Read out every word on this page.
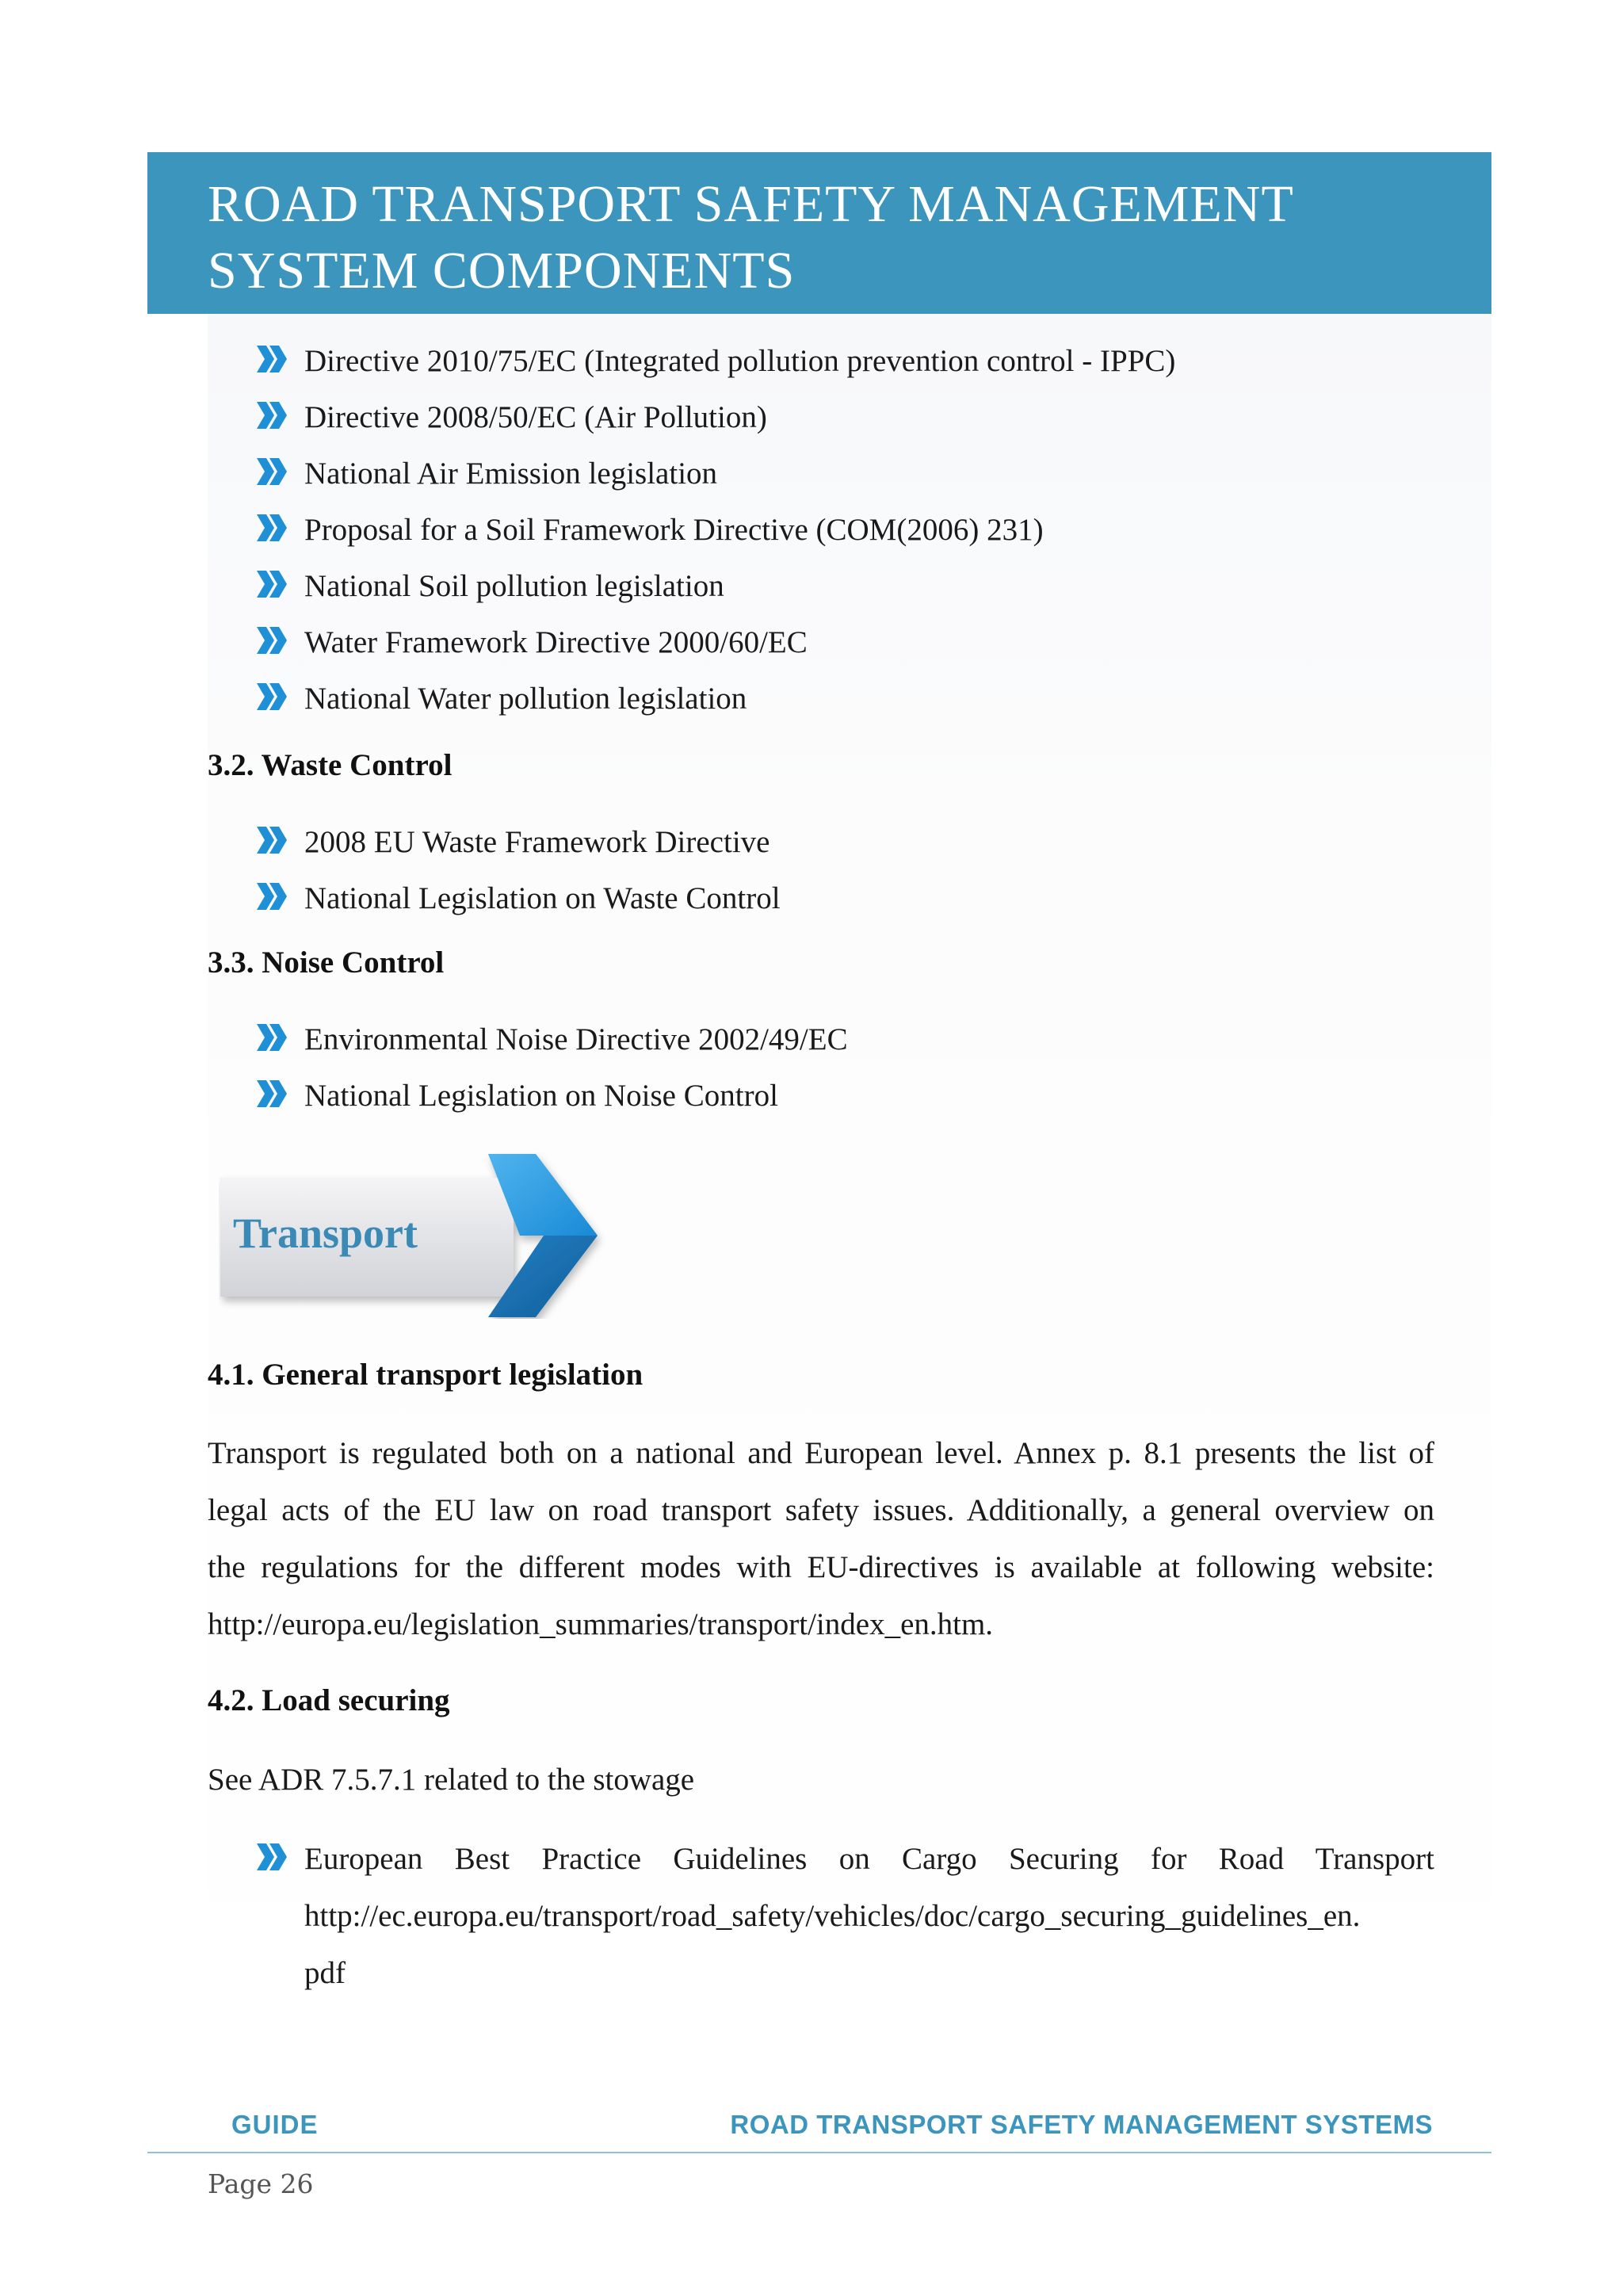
ROAD TRANSPORT SAFETY MANAGEMENT
SYSTEM COMPONENTS
Directive 2010/75/EC (Integrated pollution prevention control - IPPC)
Directive 2008/50/EC (Air Pollution)
National Air Emission legislation
Proposal for a Soil Framework Directive (COM(2006) 231)
National Soil pollution legislation
Water Framework Directive 2000/60/EC
National Water pollution legislation
3.2. Waste Control
2008 EU Waste Framework Directive
National Legislation on Waste Control
3.3. Noise Control
Environmental Noise Directive 2002/49/EC
National Legislation on Noise Control
Transport
4.1. General transport legislation
Transport is regulated both on a national and European level. Annex p. 8.1 presents the list of
legal acts of the EU law on road transport safety issues. Additionally, a general overview on
the regulations for the different modes with EU-directives is available at following website:
http://europa.eu/legislation_summaries/transport/index_en.htm.
4.2. Load securing
See ADR 7.5.7.1 related to the stowage
European Best Practice Guidelines on Cargo Securing for Road Transport
http://ec.europa.eu/transport/road_safety/vehicles/doc/cargo_securing_guidelines_en.
pdf
GUIDE	ROAD TRANSPORT SAFETY MANAGEMENT SYSTEMS
Page 26
